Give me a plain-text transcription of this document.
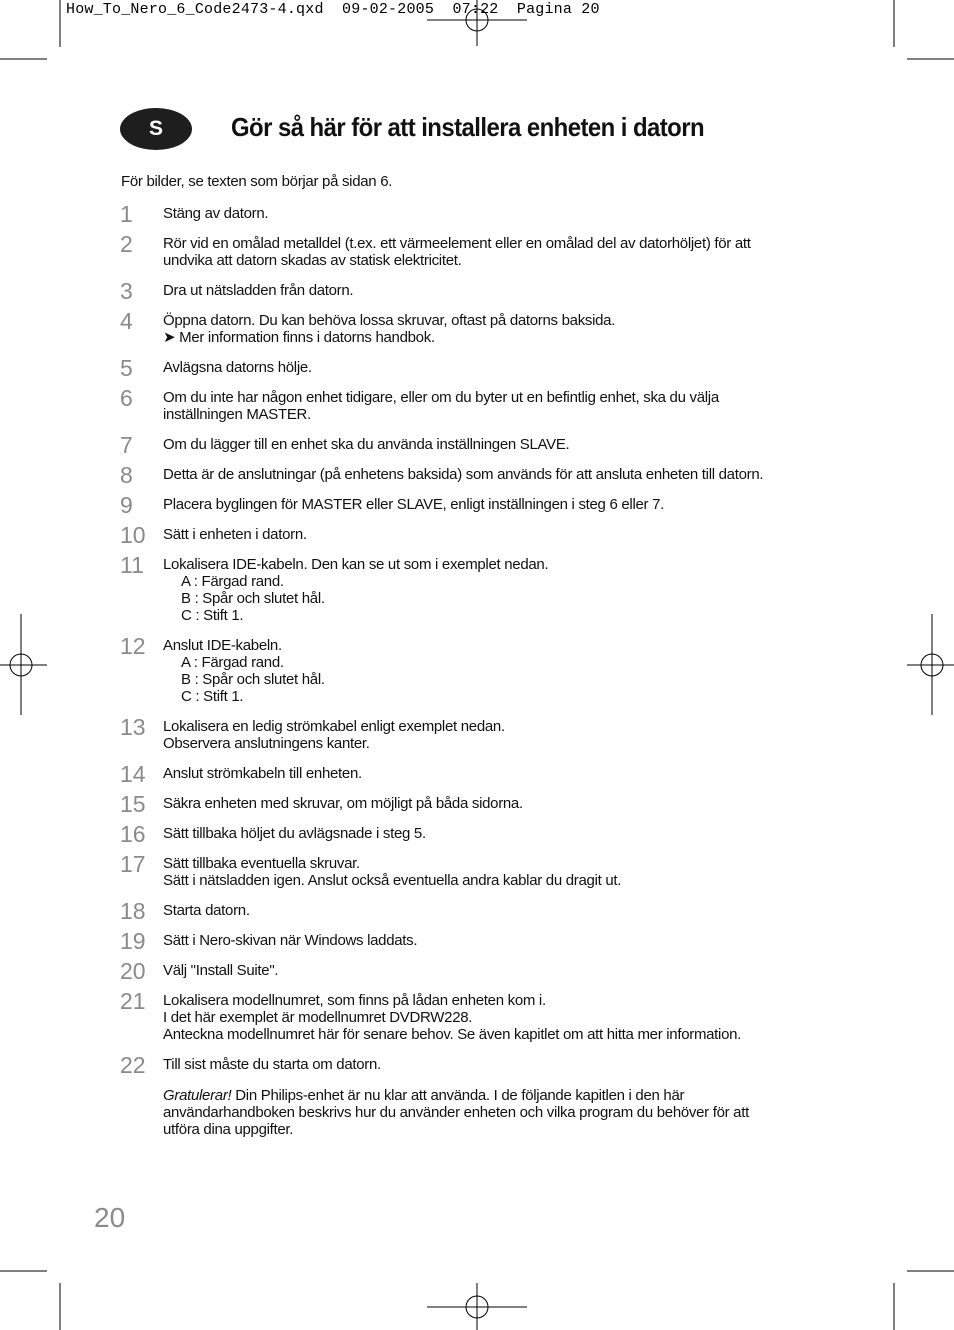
How_To_Nero_6_Code2473-4.qxd  09-02-2005  07:22  Pagina 20
S	Gör så här för att installera enheten i datorn
För bilder, se texten som börjar på sidan 6.
1 Stäng av datorn.
2 Rör vid en omålad metalldel (t.ex. ett värmeelement eller en omålad del av datorhöljet) för att
undvika att datorn skadas av statisk elektricitet.
3 Dra ut nätsladden från datorn.
4 Öppna datorn. Du kan behöva lossa skruvar, oftast på datorns baksida.
➤ Mer information finns i datorns handbok.
5 Avlägsna datorns hölje.
6 Om du inte har någon enhet tidigare, eller om du byter ut en befintlig enhet, ska du välja
inställningen MASTER.
7 Om du lägger till en enhet ska du använda inställningen SLAVE.
8 Detta är de anslutningar (på enhetens baksida) som används för att ansluta enheten till datorn.
9 Placera byglingen för MASTER eller SLAVE, enligt inställningen i steg 6 eller 7.
10 Sätt i enheten i datorn.
11 Lokalisera IDE-kabeln. Den kan se ut som i exemplet nedan.
A : Färgad rand.
B : Spår och slutet hål.
C : Stift 1.
12 Anslut IDE-kabeln.
A : Färgad rand.
B : Spår och slutet hål.
C : Stift 1.
13 Lokalisera en ledig strömkabel enligt exemplet nedan.
Observera anslutningens kanter.
14 Anslut strömkabeln till enheten.
15 Säkra enheten med skruvar, om möjligt på båda sidorna.
16 Sätt tillbaka höljet du avlägsnade i steg 5.
17 Sätt tillbaka eventuella skruvar.
Sätt i nätsladden igen. Anslut också eventuella andra kablar du dragit ut.
18 Starta datorn.
19 Sätt i Nero-skivan när Windows laddats.
20 Välj "Install Suite".
21 Lokalisera modellnumret, som finns på lådan enheten kom i.
I det här exemplet är modellnumret DVDRW228.
Anteckna modellnumret här för senare behov. Se även kapitlet om att hitta mer information.
22 Till sist måste du starta om datorn.
Gratulerar! Din Philips-enhet är nu klar att använda. I de följande kapitlen i den här
användarhandboken beskrivs hur du använder enheten och vilka program du behöver för att
utföra dina uppgifter.
20
